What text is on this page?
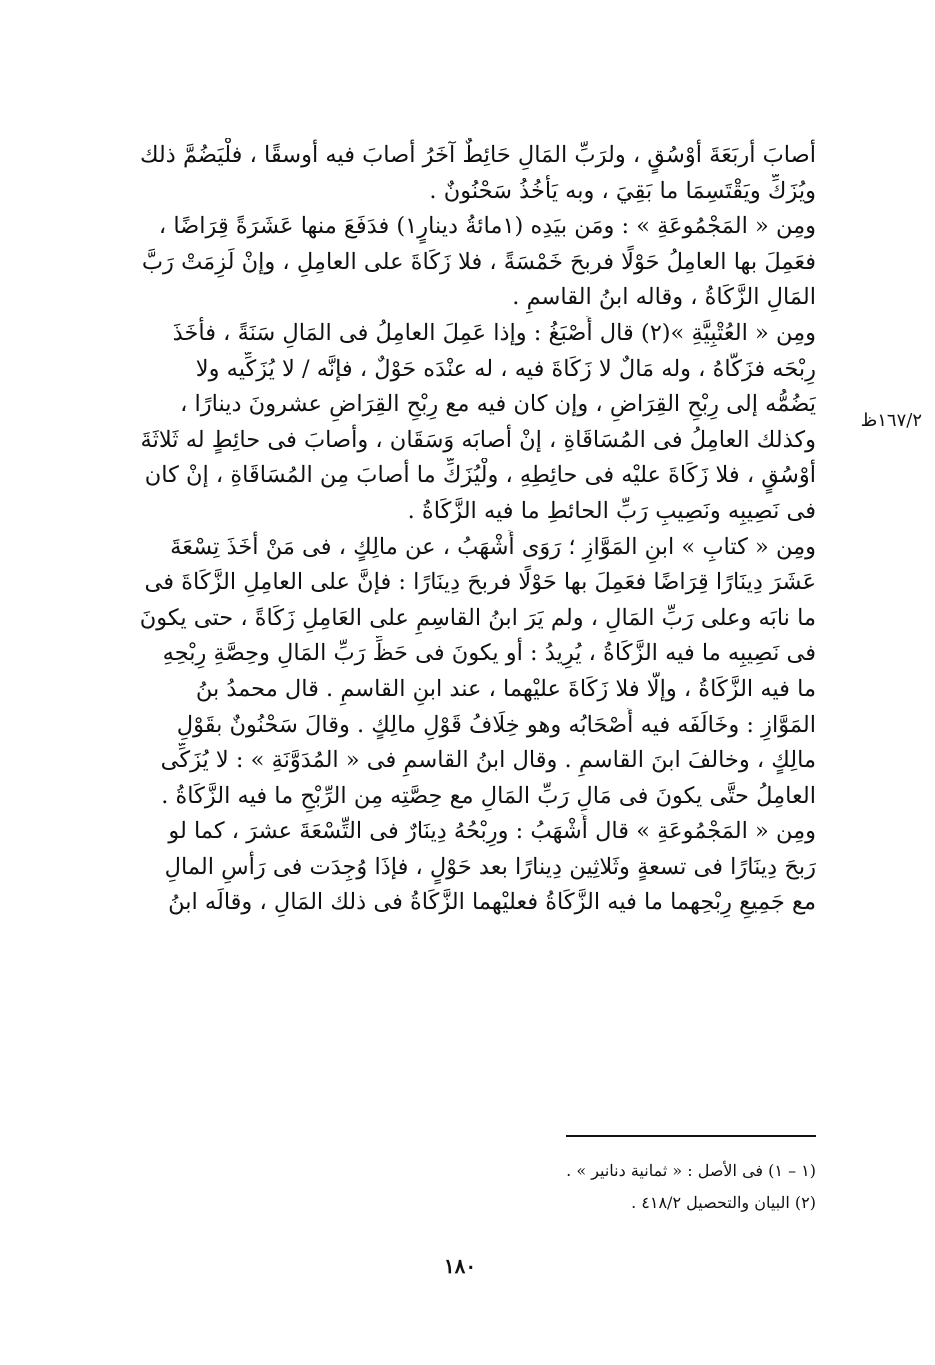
أصابَ أربَعَةَ أوْسُقٍ ، ولرَبِّ المَالِ حَائِطٌ آخَرُ أصابَ فيه أوسقًا ، فلْيَضُمَّ ذلك
ويُزَكِّ ويَقْتَسِمَا ما بَقِيَ ، وبه يَأْخُذُ سَحْنُونٌ .
ومِن « المَجْمُوعَةِ » : ومَن بيَدِه (١مائةُ دينارٍ١) فدَفَعَ منها عَشَرَةً قِرَاضًا ،
فعَمِلَ بها العامِلُ حَوْلًا فربحَ خَمْسَةً ، فلا زَكَاةَ على العامِلِ ، وإنْ لَزِمَتْ رَبَّ
المَالِ الزَّكَاةُ ، وقاله ابنُ القاسمِ .
ومِن « العُتْبِيَّةِ »(٢) قال أَصْبَغُ : وإذا عَمِلَ العامِلُ فى المَالِ سَنَةً ، فأَخَذَ
رِبْحَه فزَكَّاهُ ، وله مَالٌ لا زَكَاةَ فيه ، له عنْدَه حَوْلٌ ، فإنَّه / لا يُزَكِّيه ولا
يَضُمُّه إلى رِبْحِ القِرَاضِ ، وإن كان فيه مع رِبْحِ القِرَاضِ عشرونَ دينارًا ،
وكذلك العامِلُ فى المُسَاقَاةِ ، إنْ أصابَه وَسَقَان ، وأصابَ فى حائِطٍ له ثَلاثَةَ
أوْسُقٍ ، فلا زَكَاةَ عليْه فى حائِطِهِ ، ولْيُزَكِّ ما أصابَ مِن المُسَاقَاةِ ، إنْ كان
فى نَصِيبِه ونَصِيبِ رَبِّ الحائطِ ما فيه الزَّكَاةُ .
ومِن « كتابِ » ابنِ المَوَّازِ ؛ رَوَى أَشْهَبُ ، عن مالِكٍ ، فى مَنْ أخَذَ تِسْعَةَ
عَشَرَ دِينَارًا قِرَاضًا فعَمِلَ بها حَوْلًا فربحَ دِينَارًا : فإنَّ على العامِلِ الزَّكَاةَ فى
ما نابَه وعلى رَبِّ المَالِ ، ولم يَرَ ابنُ القاسِمِ على العَامِلِ زَكَاةً ، حتى يكونَ
فى نَصِيبِه ما فيه الزَّكَاةُ ، يُرِيدُ : أو يكونَ فى حَظِّ رَبِّ المَالِ وحِصَّةِ رِبْحِهِ
ما فيه الزَّكَاةُ ، وإلَّا فلا زَكَاةَ عليْهما ، عند ابنِ القاسمِ . قال محمدُ بنُ
المَوَّازِ : وخَالَفَه فيه أَصْحَابُه وهو خِلَافُ قَوْلِ مالِكٍ . وقالَ سَحْنُونٌ بقَوْلِ
مالِكٍ ، وخالفَ ابنَ القاسمِ . وقال ابنُ القاسمِ فى « المُدَوَّنَةِ » : لا يُزَكِّى
العامِلُ حتَّى يكونَ فى مَالِ رَبِّ المَالِ مع حِصَّتِه مِن الرِّبْحِ ما فيه الزَّكَاةُ .
ومِن « المَجْمُوعَةِ » قال أَشْهَبُ : ورِبْحُهُ دِينَارٌ فى التِّسْعَةَ عشرَ ، كما لو
رَبحَ دِينَارًا فى تسعةٍ وثَلاثِين دِينارًا بعد حَوْلٍ ، فإذَا وُجِدَت فى رَأْسِ المالِ
مع جَمِيعِ رِبْحِهما ما فيه الزَّكَاةُ فعليْهما الزَّكَاةُ فى ذلك المَالِ ، وقالَه ابنُ
١٦٧/٢ظ
(١ – ١) فى الأصل : « ثمانية دنانير » .
(٢) البيان والتحصيل ٤١٨/٢ .
١٨٠
